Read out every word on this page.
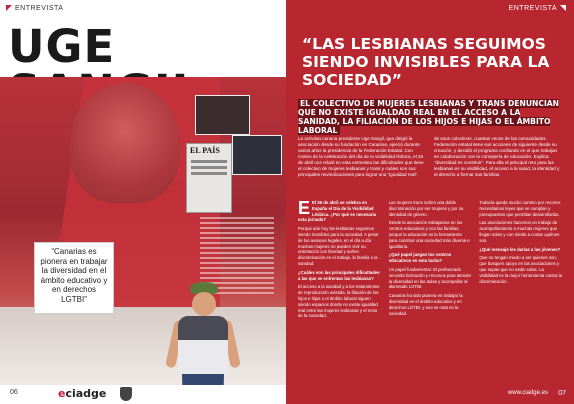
ENTREVISTA
UGE
EL PAÍS

“Canarias es pionera en trabajar la diversidad en el ámbito educativo y en derechos LGTBI”

06	eciadge
ENTREVISTA
“LAS LESBIANAS SEGUIMOS SIENDO INVISIBLES PARA LA SOCIEDAD”
EL COLECTIVO DE MUJERES LESBIANAS Y TRANS DENUNCIAN QUE NO EXISTE IGUALDAD REAL EN EL ACCESO A LA SANIDAD, LA FILIACIÓN DE LOS HIJOS E HIJAS O EL ÁMBITO LABORAL

La activista canaria presidente Uge Sangil, que dirigió la asociación desde su fundación en Canarias, ejerció durante varios años la presidencia de la Federación Estatal. Con motivo de la celebración del día de la visibilidad lésbica, el 26 de abril nos relató en esta entrevista las dificultades que tiene el colectivo de mujeres lesbianas y trans y cuáles son sus principales reivindicaciones para lograr una “igualdad real”.

de esos colectivos, cuantas veces de las comunidades. Federación estatal tiene sus acciones de siguiente desde su creación, y decidió el programa confiando en el que trabajan en colaboración con la consejería de educación. Explica: “diversidad es construir”. Para ella el principal reto para las lesbianas es su visibilidad, el acceso a la salud, la identidad y el derecho a formar sus familias.

E El 26 de abril se celebra en España el Día de la Visibilidad Lésbica. ¿Por qué es necesaria esta jornada?

Porque aún hoy las lesbianas seguimos siendo invisibles para la sociedad. A pesar de los avances legales, en el día a día muchas mujeres no pueden vivir su orientación con libertad y sufren discriminación en el trabajo, la familia o la sanidad.

¿Cuáles son las principales dificultades a las que se enfrentan las lesbianas?

El acceso a la sanidad y a los tratamientos de reproducción asistida, la filiación de los hijos e hijas o el ámbito laboral siguen siendo espacios donde no existe igualdad real entre las mujeres lesbianas y el resto de la sociedad.

Las mujeres trans sufren una doble discriminación por ser mujeres y por su identidad de género.

Desde la asociación trabajamos en los centros educativos y con las familias, porque la educación es la herramienta para construir una sociedad más diversa e igualitaria.

¿Qué papel juegan los centros educativos en esta lucha?

Un papel fundamental. El profesorado necesita formación y recursos para atender la diversidad en las aulas y acompañar al alumnado LGTBI.

Canarias ha sido pionera en trabajar la diversidad en el ámbito educativo y en derechos LGTBI, y eso se nota en la sociedad.

Todavía queda mucho camino por recorrer. Necesitamos leyes que se cumplan y presupuestos que permitan desarrollarlas.

Las asociaciones hacemos un trabajo de acompañamiento a muchas mujeres que llegan solas y con miedo a contar quiénes son.

¿Qué mensaje les darías a las jóvenes?

Que no tengan miedo a ser quienes son, que busquen apoyo en las asociaciones y que sepan que no están solas. La visibilidad es la mejor herramienta contra la discriminación.

www.ciadge.es 07
